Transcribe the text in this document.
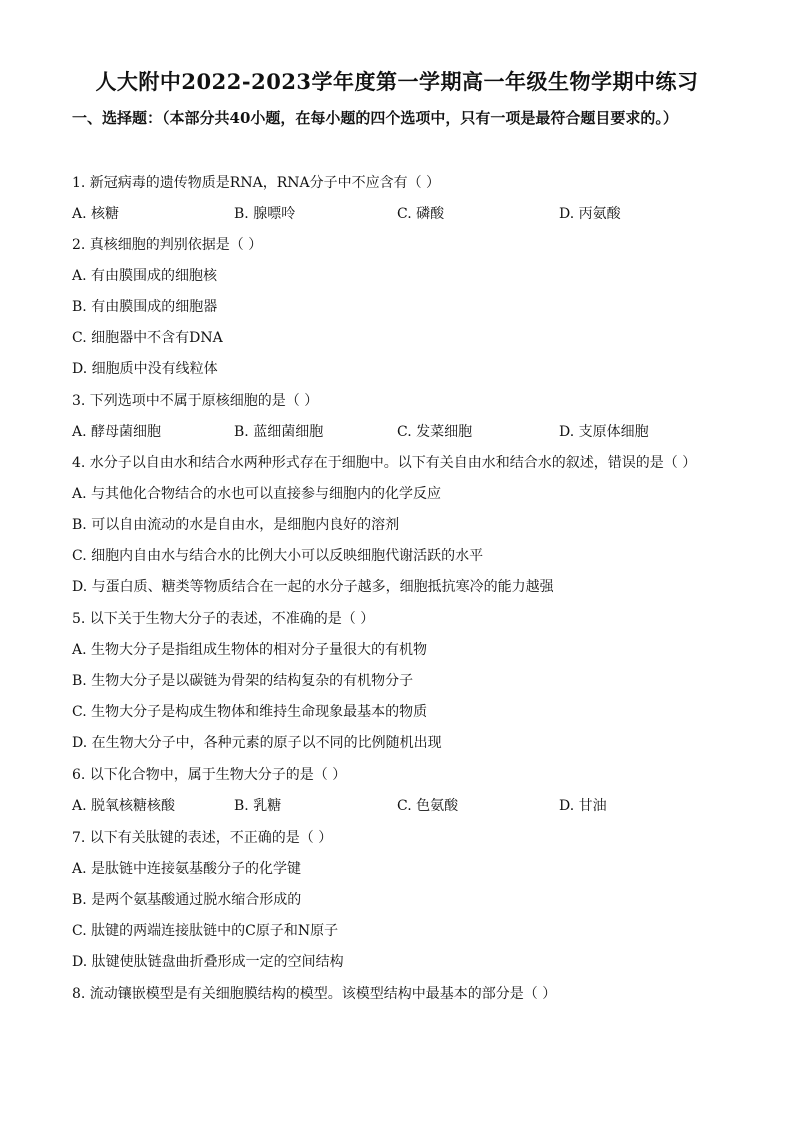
人大附中2022-2023学年度第一学期高一年级生物学期中练习
一、选择题：（本部分共40小题，在每小题的四个选项中，只有一项是最符合题目要求的。）
1. 新冠病毒的遗传物质是RNA，RNA分子中不应含有（ ）
A. 核糖	B. 腺嘌呤	C. 磷酸	D. 丙氨酸
2. 真核细胞的判别依据是（ ）
A. 有由膜围成的细胞核
B. 有由膜围成的细胞器
C. 细胞器中不含有DNA
D. 细胞质中没有线粒体
3. 下列选项中不属于原核细胞的是（ ）
A. 酵母菌细胞	B. 蓝细菌细胞	C. 发菜细胞	D. 支原体细胞
4. 水分子以自由水和结合水两种形式存在于细胞中。以下有关自由水和结合水的叙述，错误的是（ ）
A. 与其他化合物结合的水也可以直接参与细胞内的化学反应
B. 可以自由流动的水是自由水，是细胞内良好的溶剂
C. 细胞内自由水与结合水的比例大小可以反映细胞代谢活跃的水平
D. 与蛋白质、糖类等物质结合在一起的水分子越多，细胞抵抗寒冷的能力越强
5. 以下关于生物大分子的表述，不准确的是（ ）
A. 生物大分子是指组成生物体的相对分子量很大的有机物
B. 生物大分子是以碳链为骨架的结构复杂的有机物分子
C. 生物大分子是构成生物体和维持生命现象最基本的物质
D. 在生物大分子中，各种元素的原子以不同的比例随机出现
6. 以下化合物中，属于生物大分子的是（ ）
A. 脱氧核糖核酸	B. 乳糖	C. 色氨酸	D. 甘油
7. 以下有关肽键的表述，不正确的是（ ）
A. 是肽链中连接氨基酸分子的化学键
B. 是两个氨基酸通过脱水缩合形成的
C. 肽键的两端连接肽链中的C原子和N原子
D. 肽键使肽链盘曲折叠形成一定的空间结构
8. 流动镶嵌模型是有关细胞膜结构的模型。该模型结构中最基本的部分是（ ）
